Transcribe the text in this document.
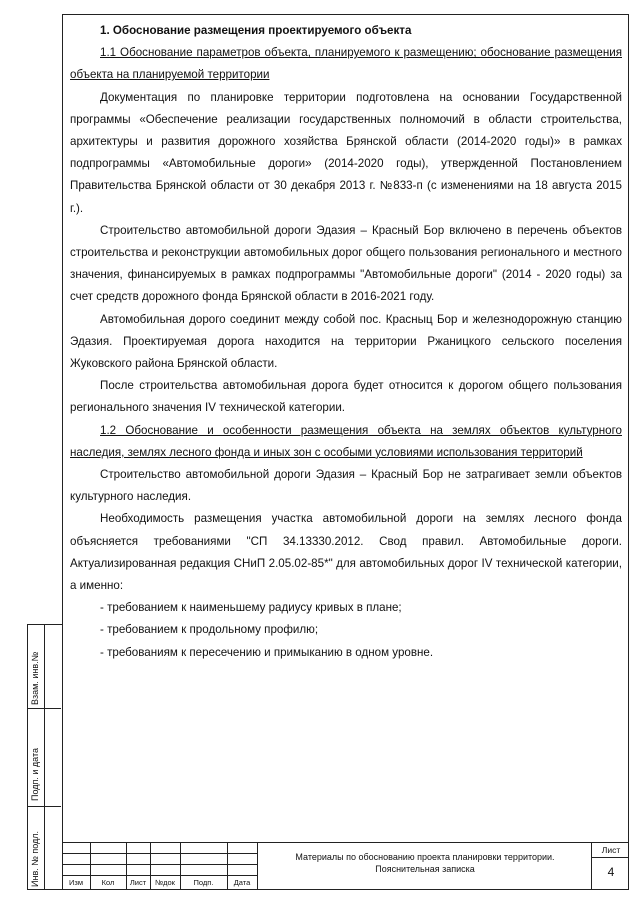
1. Обоснование размещения проектируемого объекта

1.1 Обоснование параметров объекта, планируемого к размещению; обоснование размещения объекта на планируемой территории

Документация по планировке территории подготовлена на основании Государственной программы «Обеспечение реализации государственных полномочий в области строительства, архитектуры и развития дорожного хозяйства Брянской области (2014-2020 годы)» в рамках подпрограммы «Автомобильные дороги» (2014-2020 годы), утвержденной Постановлением Правительства Брянской области от 30 декабря 2013 г. №833-п (с изменениями на 18 августа 2015 г.).

Строительство автомобильной дороги Эдазия – Красный Бор включено в перечень объектов строительства и реконструкции автомобильных дорог общего пользования регионального и местного значения, финансируемых в рамках подпрограммы "Автомобильные дороги" (2014 - 2020 годы) за счет средств дорожного фонда Брянской области в 2016-2021 году.

Автомобильная дорого соединит между собой пос. Красныц Бор и железнодорожную станцию Эдазия. Проектируемая дорога находится на территории Ржаницкого сельского поселения Жуковского района Брянской области.

После строительства автомобильная дорога будет относится к дорогом общего пользования регионального значения IV технической категории.

1.2 Обоснование и особенности размещения объекта на землях объектов культурного наследия, землях лесного фонда и иных зон с особыми условиями использования территорий

Строительство автомобильной дороги Эдазия – Красный Бор не затрагивает земли объектов культурного наследия.

Необходимость размещения участка автомобильной дороги на землях лесного фонда объясняется требованиями "СП 34.13330.2012. Свод правил. Автомобильные дороги. Актуализированная редакция СНиП 2.05.02-85*" для автомобильных дорог IV технической категории, а именно:

- требованием к наименьшему радиусу кривых в плане;

- требованием к продольному профилю;

- требованиям к пересечению и примыканию в одном уровне.

Взам. инв.№
Подп. и дата
Инв. № подл.	Изм	Кол	Лист	№док	Подп.	Дата
Материалы по обоснованию проекта планировки территории.
Пояснительная записка
Лист
4
